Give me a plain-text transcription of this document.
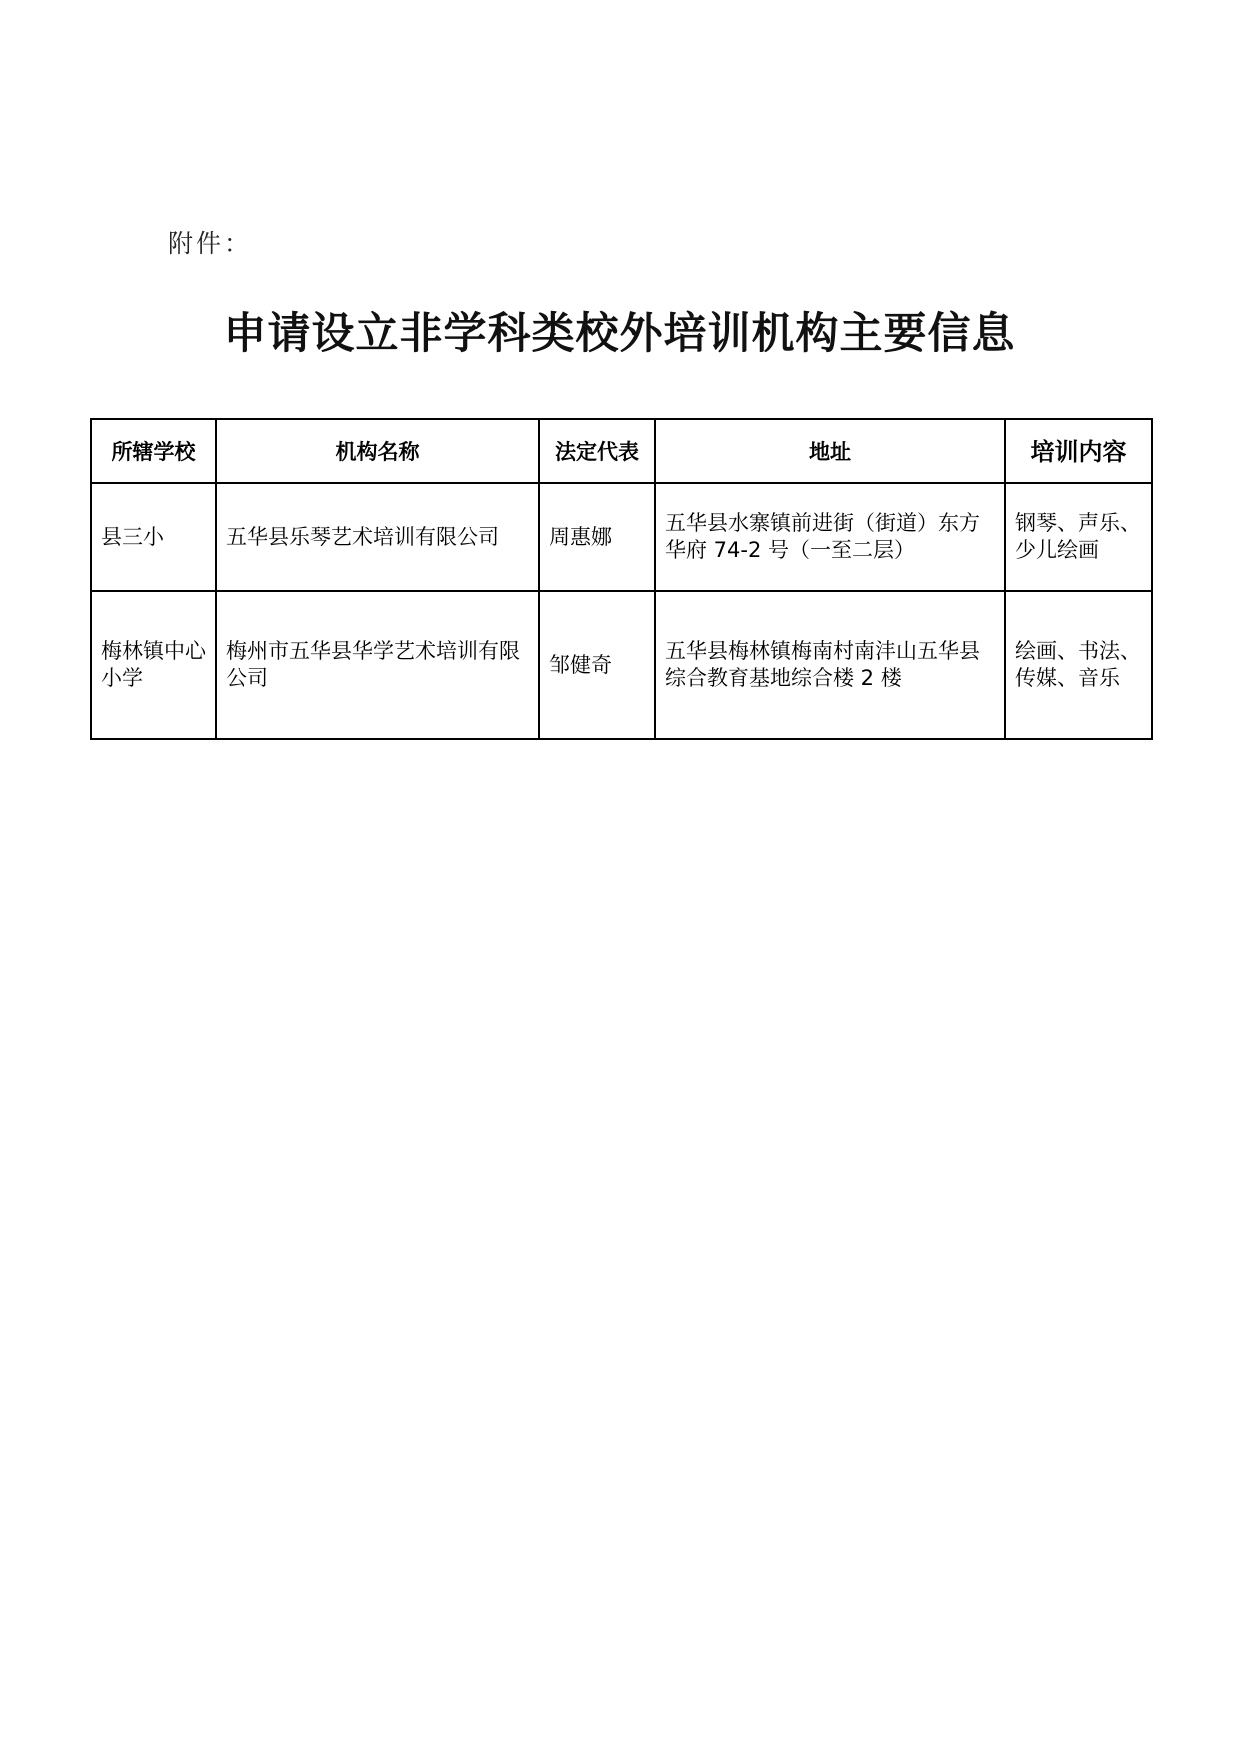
附件：
申请设立非学科类校外培训机构主要信息
所辖学校	机构名称	法定代表	地址	培训内容
县三小	五华县乐琴艺术培训有限公司	周惠娜	五华县水寨镇前进街（街道）东方华府 74-2 号（一至二层）	钢琴、声乐、少儿绘画
梅林镇中心小学	梅州市五华县华学艺术培训有限公司	邹健奇	五华县梅林镇梅南村南沣山五华县综合教育基地综合楼 2 楼	绘画、书法、传媒、音乐
